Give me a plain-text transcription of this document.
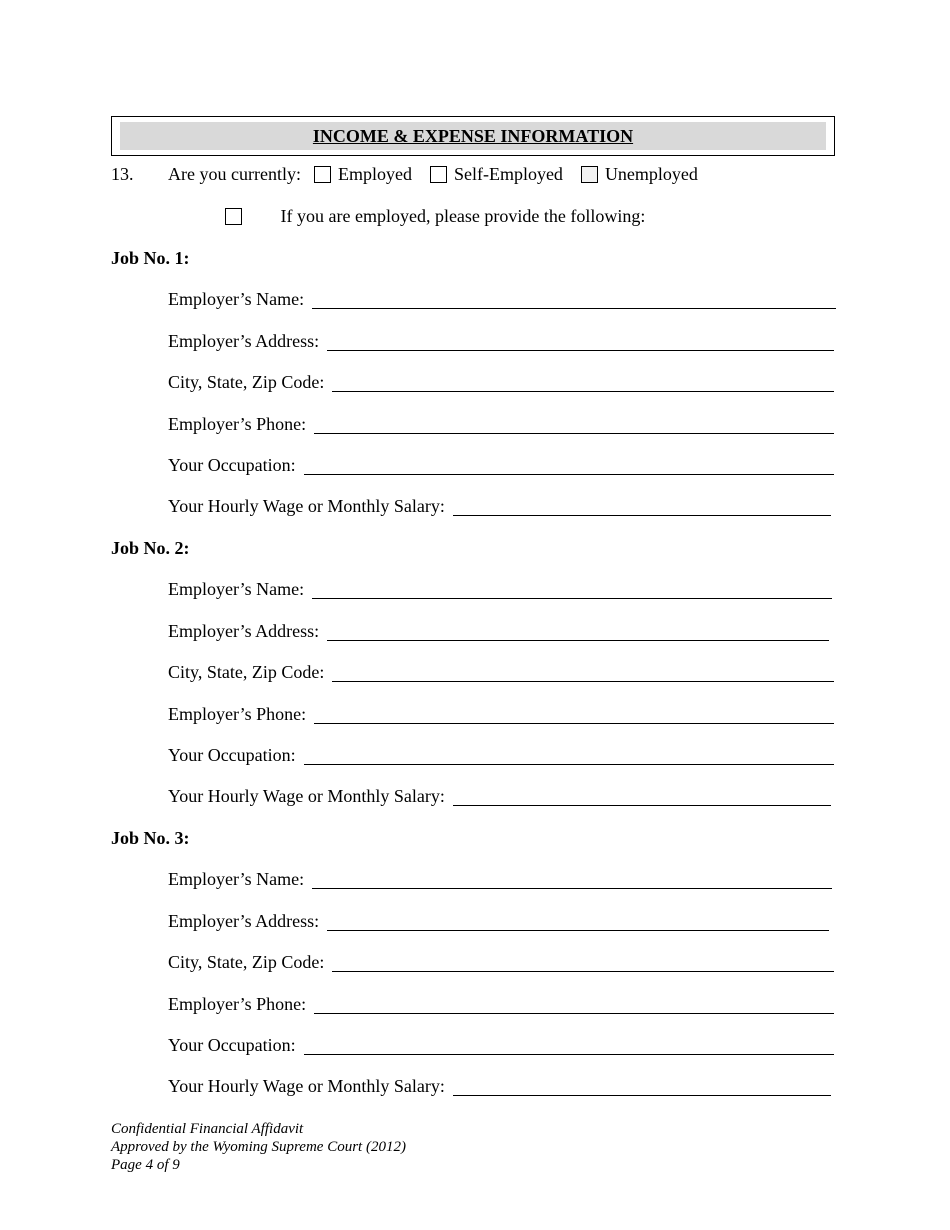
INCOME & EXPENSE INFORMATION
13. Are you currently: Employed Self-Employed Unemployed
If you are employed, please provide the following:
Job No. 1:
Employer’s Name:
Employer’s Address:
City, State, Zip Code:
Employer’s Phone:
Your Occupation:
Your Hourly Wage or Monthly Salary:
Job No. 2:
Employer’s Name:
Employer’s Address:
City, State, Zip Code:
Employer’s Phone:
Your Occupation:
Your Hourly Wage or Monthly Salary:
Job No. 3:
Employer’s Name:
Employer’s Address:
City, State, Zip Code:
Employer’s Phone:
Your Occupation:
Your Hourly Wage or Monthly Salary:
Confidential Financial Affidavit
Approved by the Wyoming Supreme Court (2012)
Page 4 of 9
